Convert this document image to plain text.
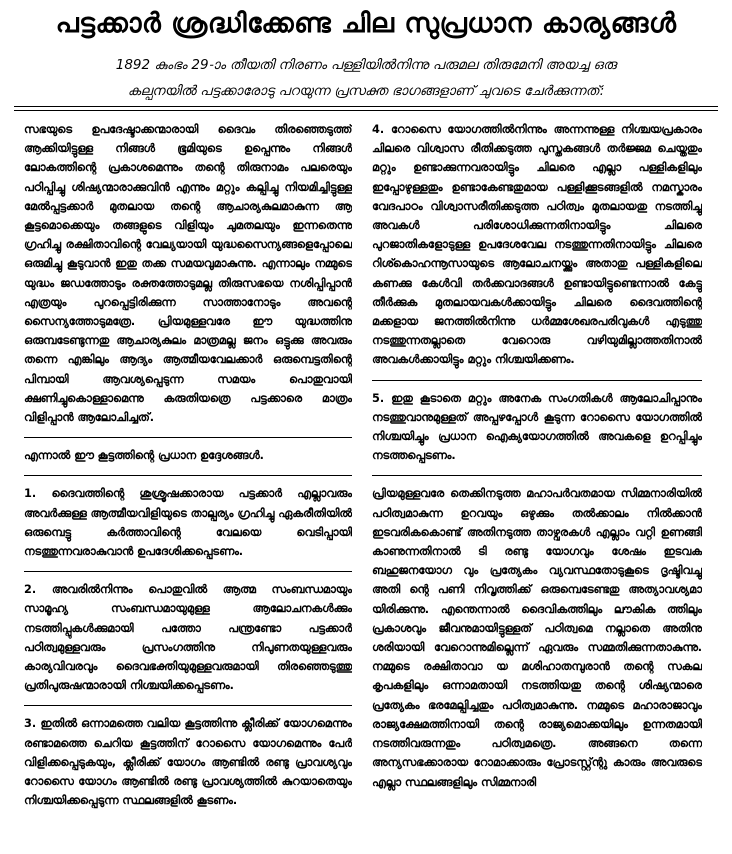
പട്ടക്കാർ ശ്രദ്ധിക്കേണ്ട ചില സുപ്രധാന കാര്യങ്ങൾ
1892 കുംഭം 29-ാം തീയതി നിരണം പള്ളിയിൽനിന്നു പരുമല തിരുമേനി അയച്ച ഒരു
കല്പനയിൽ പട്ടക്കാരോടു പറയുന്ന പ്രസക്ത ഭാഗങ്ങളാണ് ചുവടെ ചേർക്കുന്നത്:

സഭയുടെ ഉപദേഷ്ടാക്കന്മാരായി ദൈവം തിരഞ്ഞെടുത്ത് ആക്കിയിട്ടുള്ള നിങ്ങൾ ഭൂമിയുടെ ഉപ്പെന്നും നിങ്ങൾ ലോകത്തിന്റെ പ്രകാശമെന്നും തന്റെ തിരുനാമം പലരെയും പഠിപ്പിച്ചു ശിഷ്യന്മാരാക്കുവിൻ എന്നും മറ്റും കല്പിച്ചു നിയമിച്ചിട്ടുള്ള മേൽപ്പട്ടക്കാർ മുതലായ തന്റെ ആചാര്യകുലമാകുന്ന ആ കൂട്ടമൊക്കെയും തങ്ങളുടെ വിളിയും ചുമതലയും ഇന്നതെന്നു ഗ്രഹിച്ചു രക്ഷിതാവിന്റെ വേല്യയായി യുദ്ധസൈന്യങ്ങളെപ്പോലെ ഒരുമിച്ചു കൂടുവാൻ ഇതു തക്ക സമയവുമാകുന്നു. എന്നാലും നമ്മുടെ യുദ്ധം ജഡത്തോടും രക്തത്തോടുമല്ല തിരുസഭയെ നശിപ്പിപ്പാൻ എത്രയും പുറപ്പെട്ടിരിക്കുന്ന സാത്താനോടും അവന്റെ സൈന്യത്തോടുമത്രേ. പ്രിയമുള്ളവരേ ഈ യുദ്ധത്തിനു ഒരുമ്പടേണ്ടുന്നതു ആചാര്യകുലം മാത്രമല്ല ജനം ഒട്ടുക്കു അവരും തന്നെ എങ്കിലും ആദ്യം ആത്മീയവേലക്കാർ ഒരുമ്പെട്ടതിന്റെ പിമ്പായി ആവശ്യപ്പെടുന്ന സമയം പൊതുവായി ക്ഷണിച്ചുകൊള്ളാമെന്നു കരുതിയത്രെ പട്ടക്കാരെ മാത്രം വിളിപ്പാൻ ആലോചിച്ചത്.

എന്നാൽ ഈ കൂട്ടത്തിന്റെ പ്രധാന ഉദ്ദേശങ്ങൾ.

1. ദൈവത്തിന്റെ ശുശ്രൂഷക്കാരായ പട്ടക്കാർ എല്ലാവരും അവർക്കുള്ള ആത്മീയവിളിയുടെ താല്പര്യം ഗ്രഹിച്ചു ഏകരീതിയിൽ ഒരുമ്പെട്ടു കർത്താവിന്റെ വേലയെ വെടിപ്പായി നടത്തുന്നവരാകുവാൻ ഉപദേശിക്കപ്പെടണം.

2. അവരിൽനിന്നും പൊതുവിൽ ആത്മ സംബന്ധമായും സാമൂഹ്യ സംബന്ധമായുമുള്ള ആലോചനകൾക്കും നടത്തിപ്പുകൾക്കുമായി പത്തോ പന്ത്രണ്ടോ പട്ടക്കാർ പഠിത്വമുള്ളവരും പ്രസംഗത്തിനു നിപുണതയുള്ളവരും കാര്യവിവരവും ദൈവഭക്തിയുമുള്ളവരുമായി തിരഞ്ഞെടുത്തു പ്രതിപുരുഷന്മാരായി നിശ്ചയിക്കപ്പെടണം.

3. ഇതിൽ ഒന്നാമത്തെ വലിയ കൂട്ടത്തിന്നു ക്ലീരിക്ക് യോഗമെന്നും രണ്ടാമത്തെ ചെറിയ കൂട്ടത്തിന് റോസൈ യോഗമെന്നും പേർ വിളിക്കപ്പെടുകയും, ക്ലീരിക്ക് യോഗം ആണ്ടിൽ രണ്ടു പ്രാവശ്യവും റോസൈ യോഗം ആണ്ടിൽ രണ്ടു പ്രാവശ്യത്തിൽ കുറയാതെയും നിശ്ചയിക്കപ്പെടുന്ന സ്ഥലങ്ങളിൽ കൂടണം.

4. റോസൈ യോഗത്തിൽനിന്നും അന്നന്നുള്ള നിശ്ചയപ്രകാരം ചിലരെ വിശ്വാസ രീതിക്കടുത്ത പുസ്തകങ്ങൾ തർജ്ജമ ചെയ്തതും മറ്റും ഉണ്ടാക്കുന്നവരായിട്ടും ചിലരെ എല്ലാ പള്ളികളിലും ഇപ്പോഴുള്ളതും ഉണ്ടാകേണ്ടതുമായ പള്ളിക്കൂടങ്ങളിൽ നമസ്കാരം വേദപാഠം വിശ്വാസരീതിക്കടുത്ത പഠിത്വം മുതലായതു നടത്തിച്ചു അവകൾ പരിശോധിക്കുന്നതിനായിട്ടും ചിലരെ പുറജാതികളോടുള്ള ഉപദേശവേല നടത്തുന്നതിനായിട്ടും ചിലരെ റിശ്കൊഹന്നൂസായുടെ ആലോചനയ്ക്കും അതാതു പള്ളികളിലെ കണക്കു കേൾവി തർക്കവാദങ്ങൾ ഉണ്ടായിട്ടുണ്ടെന്നാൽ കേട്ടു തീർക്കുക മുതലായവകൾക്കായിട്ടും ചിലരെ ദൈവത്തിന്റെ മക്കളായ ജനത്തിൽനിന്നു ധർമ്മശേഖരപരിവുകൾ എടുത്തു നടത്തുന്നതല്ലാതെ വേറൊരു വഴിയുമില്ലാത്തതിനാൽ അവകൾക്കായിട്ടും മറ്റും നിശ്ചയിക്കണം.

5. ഇതു കൂടാതെ മറ്റും അനേക സംഗതികൾ ആലോചിപ്പാനും നടത്തുവാനുമുള്ളത് അപ്പഴപ്പോൾ കൂടുന്ന റോസൈ യോഗത്തിൽ നിശ്ചയിച്ചും പ്രധാന ഐക്യയോഗത്തിൽ അവകളെ ഉറപ്പിച്ചും നടത്തപ്പെടണം.

പ്രിയമുള്ളവരേ തെക്കിനടുത്ത മഹാപർവതമായ സിമ്മനാരിയിൽ പഠിത്വമാകുന്ന ഉറവയും ഒഴുക്കും തൽക്കാലം നിൽക്കാൻ ഇടവരികകൊണ്ട് അതിനടുത്ത താഴ്വരകൾ എല്ലാം വറ്റി ഉണങ്ങി കാണുന്നതിനാൽ ടി രണ്ടു യോഗവും ശേഷം ഇടവക ബഹുജനയോഗ വും പ്രത്യേകം വ്യവസ്ഥതോടുകൂടെ ദൃഷ്ടിവച്ചു അതി ന്റെ പണി നിവൃത്തിക്ക് ഒരുമ്പെടേണ്ടതു അത്യാവശ്യമാ യിരിക്കുന്നു. എന്തെന്നാൽ ദൈവികത്തിലും ലൗകിക ത്തിലും പ്രകാശവും ജീവനുമായിട്ടുള്ളത് പഠിത്വമെ നല്ലാതെ അതിനു ശരിയായി വേറൊന്നുമില്ലെന്ന് ഏവരും സമ്മതിക്കുന്നതാകുന്നു. നമ്മുടെ രക്ഷിതാവാ യ മശിഹാതമ്പുരാൻ തന്റെ സകല കൃപകളിലും ഒന്നാമതായി നടത്തിയതു തന്റെ ശിഷ്യന്മാരെ പ്രത്യേകം ഭരമേല്പിച്ചതും പഠിത്വമാകുന്നു. നമ്മുടെ മഹാരാജാവും രാജ്യക്ഷേമത്തിനായി തന്റെ രാജ്യമൊക്കയിലും ഉന്നതമായി നടത്തിവരുന്നതും പഠിത്വമത്രെ. അങ്ങനെ തന്നെ അന്യസഭക്കാരായ റോമാക്കാരും പ്രോടസ്റ്റ്ന്റു കാരും അവരുടെ എല്ലാ സ്ഥലങ്ങളിലും സിമ്മനാരി
